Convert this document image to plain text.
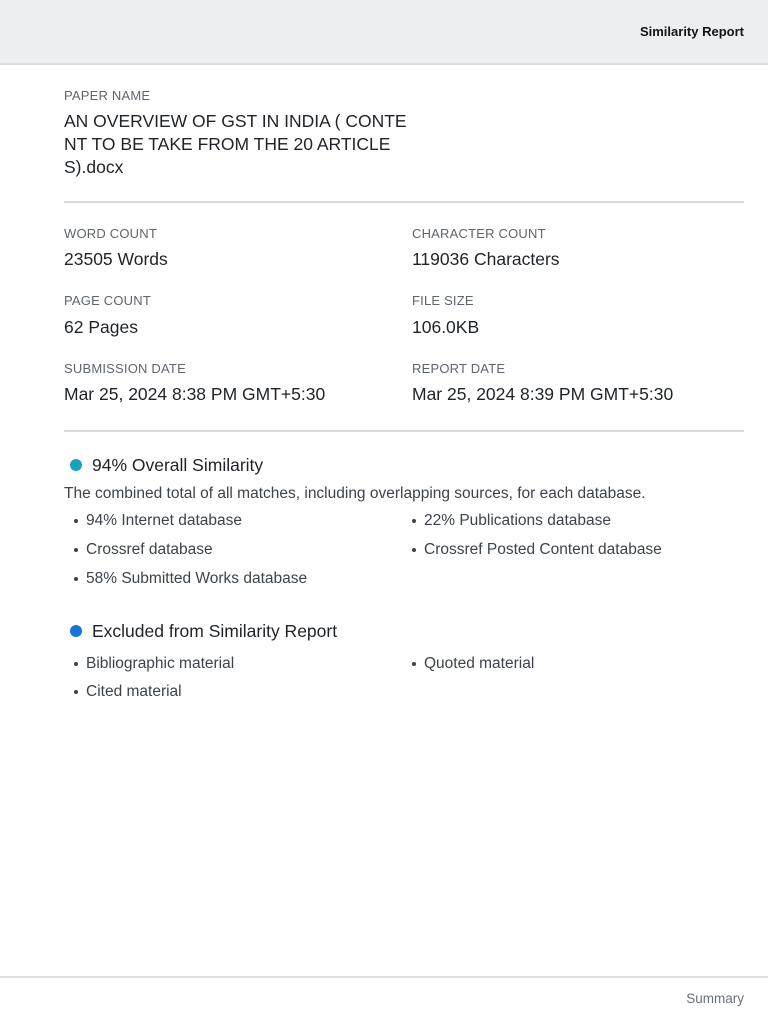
Similarity Report
PAPER NAME
AN OVERVIEW OF GST IN INDIA ( CONTENT TO BE TAKE FROM THE 20 ARTICLES).docx
WORD COUNT
23505 Words
CHARACTER COUNT
119036 Characters
PAGE COUNT
62 Pages
FILE SIZE
106.0KB
SUBMISSION DATE
Mar 25, 2024 8:38 PM GMT+5:30
REPORT DATE
Mar 25, 2024 8:39 PM GMT+5:30
94% Overall Similarity
The combined total of all matches, including overlapping sources, for each database.
94% Internet database	22% Publications database
Crossref database	Crossref Posted Content database
58% Submitted Works database
Excluded from Similarity Report
Bibliographic material	Quoted material
Cited material
Summary
